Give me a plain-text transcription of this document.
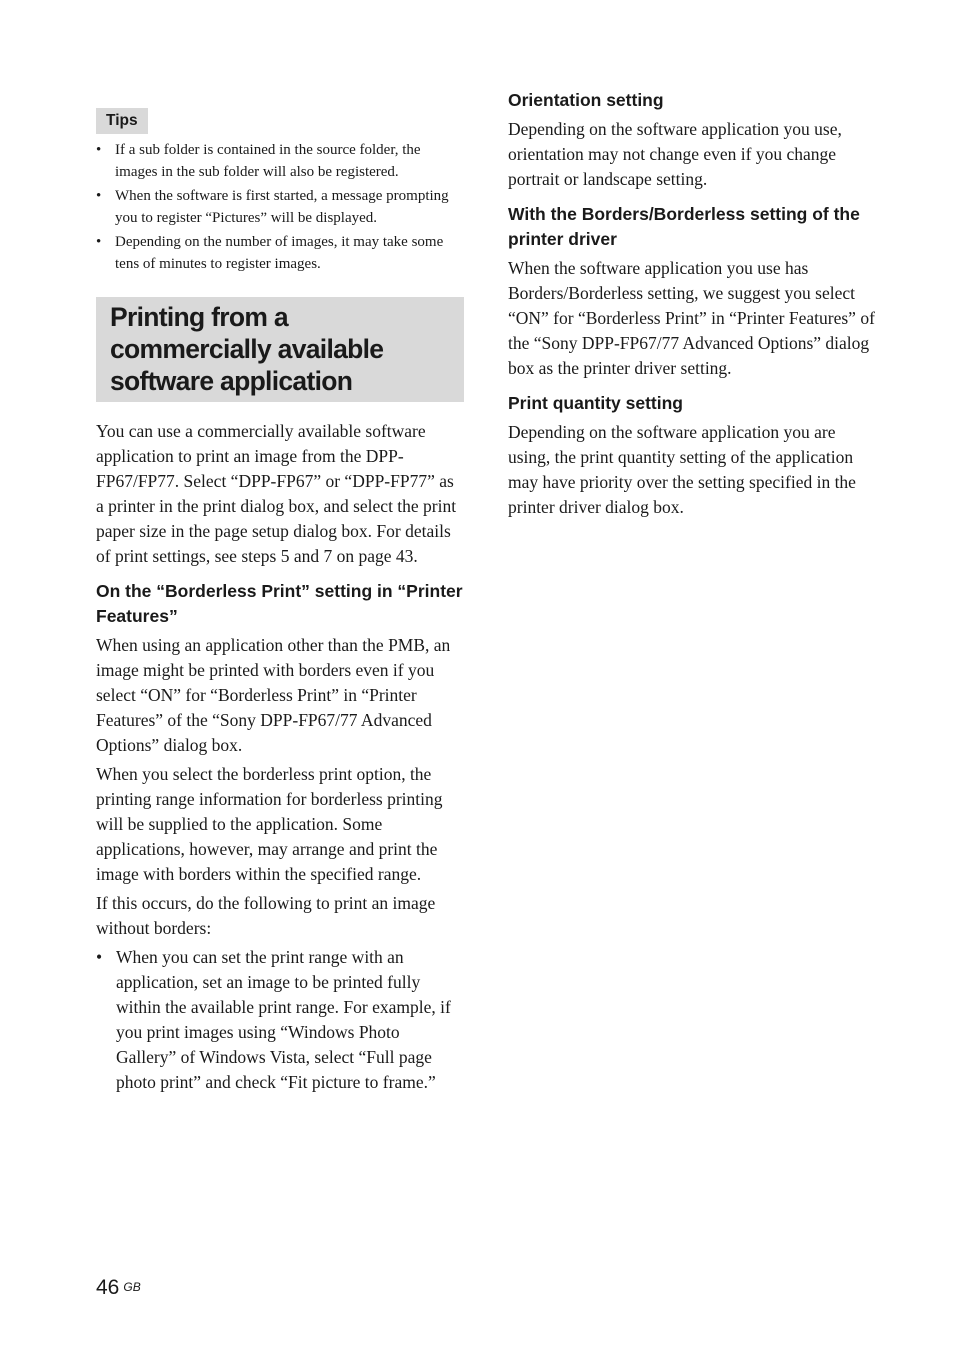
Tips
• If a sub folder is contained in the source folder, the images in the sub folder will also be registered.
• When the software is first started, a message prompting you to register “Pictures” will be displayed.
• Depending on the number of images, it may take some tens of minutes to register images.
Printing from a commercially available software application

You can use a commercially available software application to print an image from the DPP-FP67/FP77. Select “DPP-FP67” or “DPP-FP77” as a printer in the print dialog box, and select the print paper size in the page setup dialog box. For details of print settings, see steps 5 and 7 on page 43.

On the “Borderless Print” setting in “Printer Features”

When using an application other than the PMB, an image might be printed with borders even if you select “ON” for “Borderless Print” in “Printer Features” of the “Sony DPP-FP67/77 Advanced Options” dialog box.

When you select the borderless print option, the printing range information for borderless printing will be supplied to the application. Some applications, however, may arrange and print the image with borders within the specified range.

If this occurs, do the following to print an image without borders:

• When you can set the print range with an application, set an image to be printed fully within the available print range. For example, if you print images using “Windows Photo Gallery” of Windows Vista, select “Full page photo print” and check “Fit picture to frame.”
Orientation setting

Depending on the software application you use, orientation may not change even if you change portrait or landscape setting.

With the Borders/Borderless setting of the printer driver

When the software application you use has Borders/Borderless setting, we suggest you select “ON” for “Borderless Print” in “Printer Features” of the “Sony DPP-FP67/77 Advanced Options” dialog box as the printer driver setting.

Print quantity setting

Depending on the software application you are using, the print quantity setting of the application may have priority over the setting specified in the printer driver dialog box.

46 $^{GB}$
